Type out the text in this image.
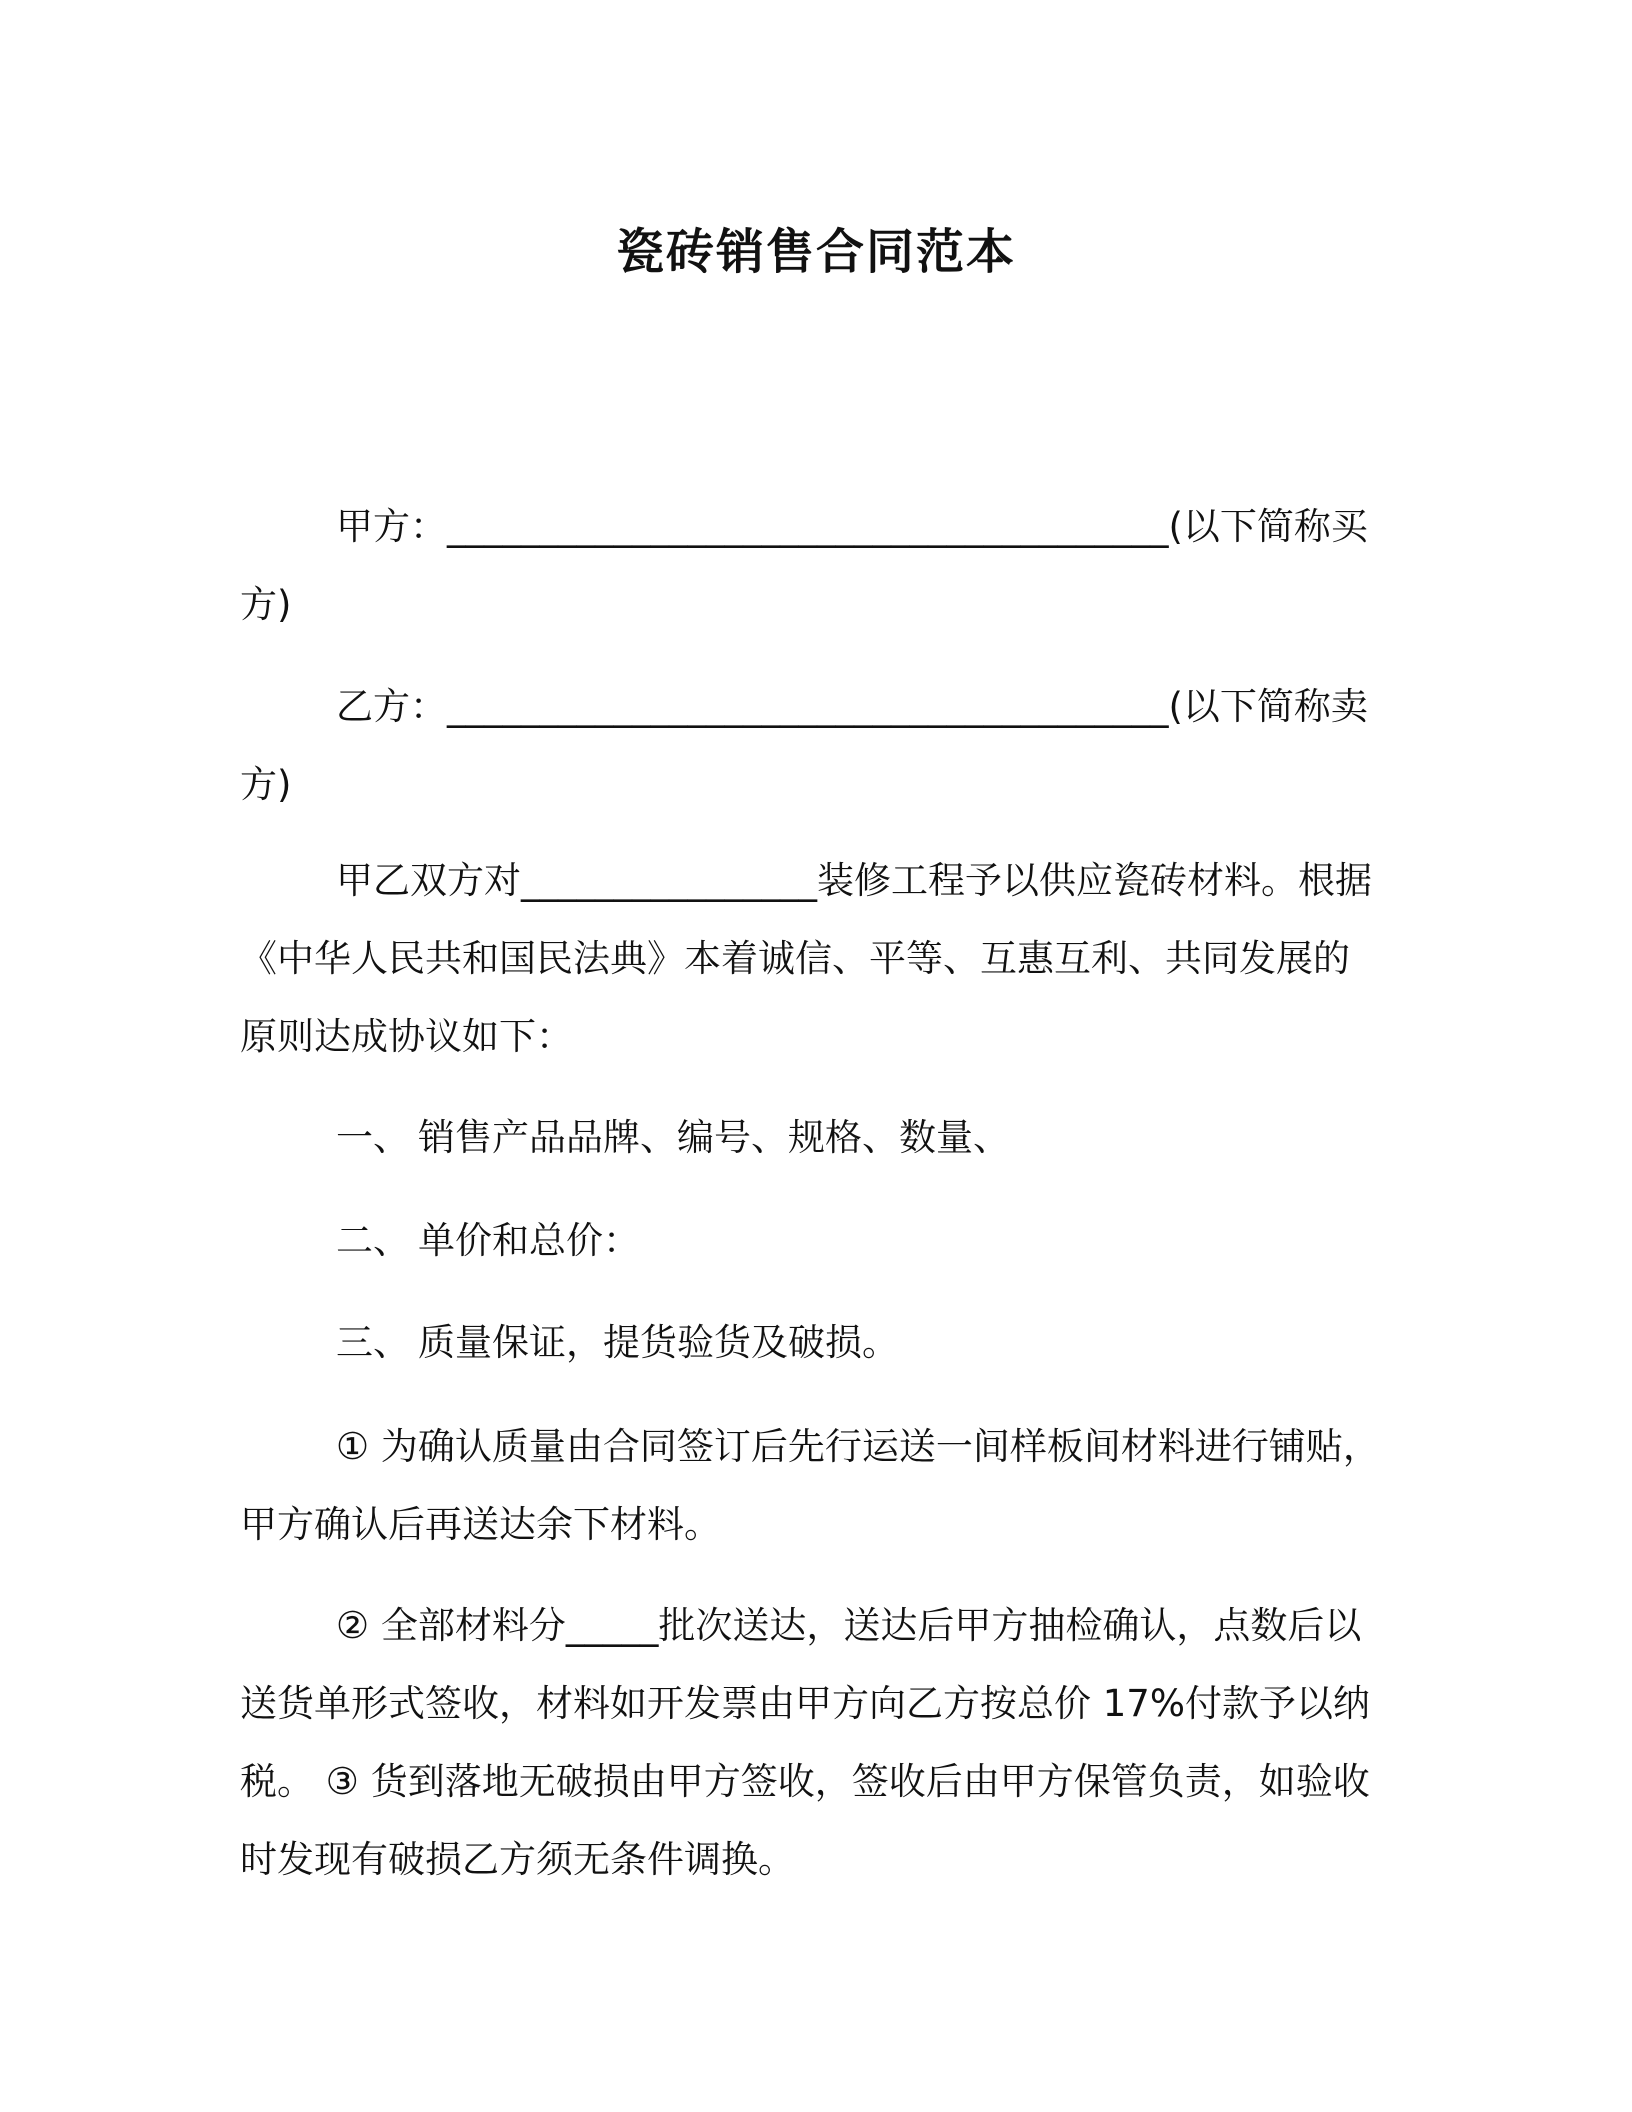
瓷砖销售合同范本
甲方：_______________________________________(以下简称买方)
乙方：_______________________________________(以下简称卖方)
甲乙双方对________________装修工程予以供应瓷砖材料。根据《中华人民共和国民法典》本着诚信、平等、互惠互利、共同发展的原则达成协议如下：
一、 销售产品品牌、编号、规格、数量、
二、 单价和总价：
三、 质量保证，提货验货及破损。
① 为确认质量由合同签订后先行运送一间样板间材料进行铺贴，甲方确认后再送达余下材料。
② 全部材料分_____批次送达，送达后甲方抽检确认，点数后以送货单形式签收，材料如开发票由甲方向乙方按总价 17%付款予以纳税。 ③ 货到落地无破损由甲方签收，签收后由甲方保管负责，如验收时发现有破损乙方须无条件调换。
